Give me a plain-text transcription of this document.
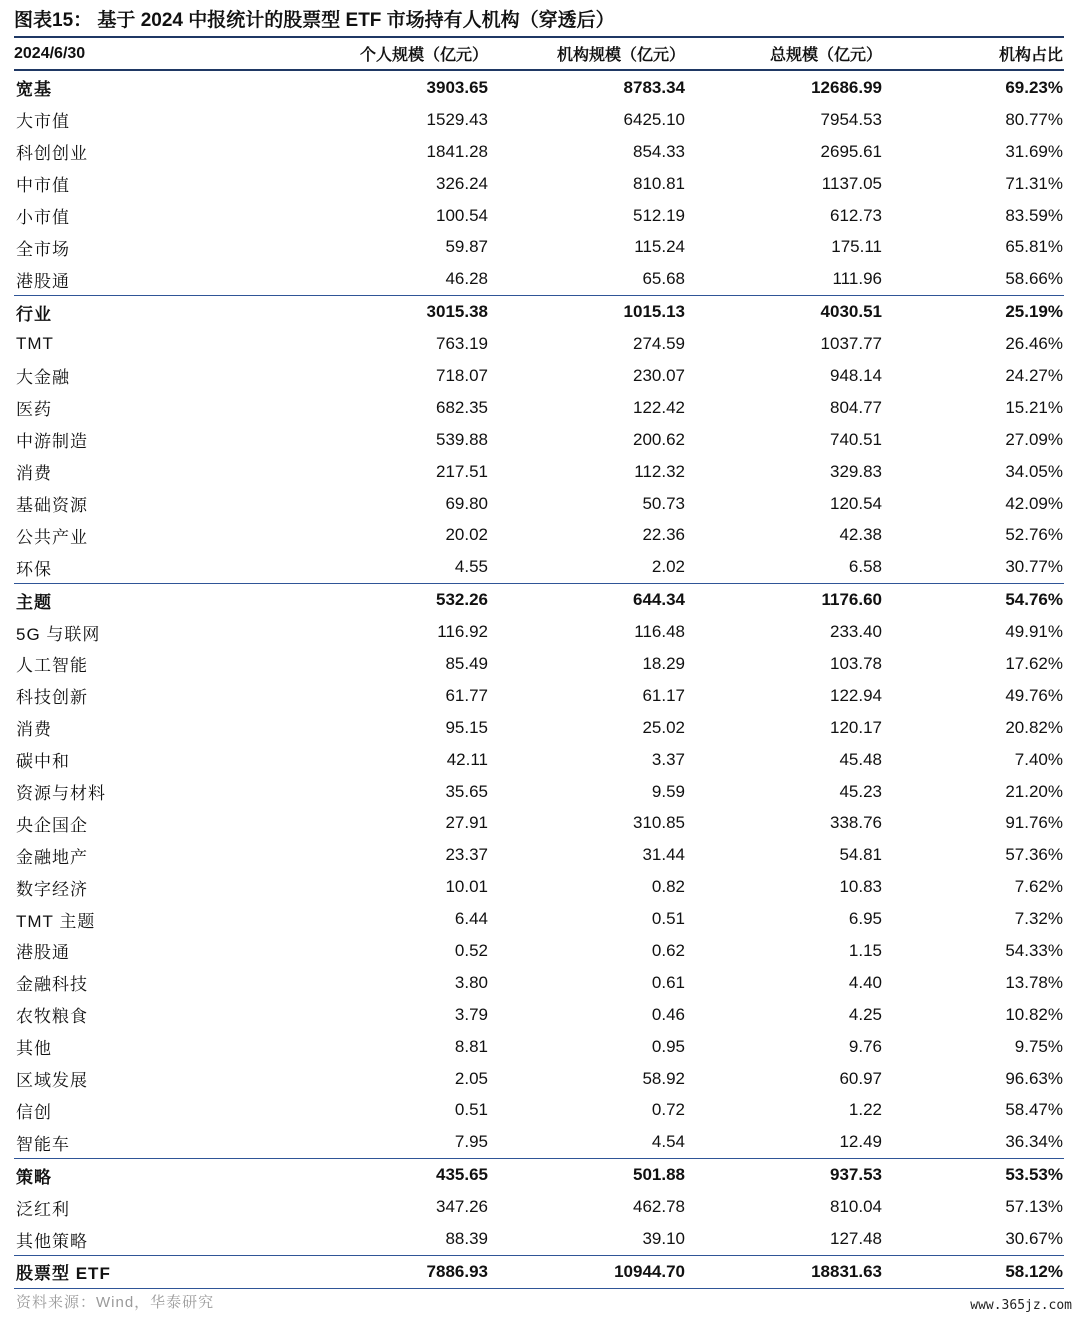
图表15： 基于 2024 中报统计的股票型 ETF 市场持有人机构（穿透后）
2024/6/30	个人规模（亿元）	机构规模（亿元）	总规模（亿元）	机构占比
宽基	3903.65	8783.34	12686.99	69.23%
大市值	1529.43	6425.10	7954.53	80.77%
科创创业	1841.28	854.33	2695.61	31.69%
中市值	326.24	810.81	1137.05	71.31%
小市值	100.54	512.19	612.73	83.59%
全市场	59.87	115.24	175.11	65.81%
港股通	46.28	65.68	111.96	58.66%
行业	3015.38	1015.13	4030.51	25.19%
TMT	763.19	274.59	1037.77	26.46%
大金融	718.07	230.07	948.14	24.27%
医药	682.35	122.42	804.77	15.21%
中游制造	539.88	200.62	740.51	27.09%
消费	217.51	112.32	329.83	34.05%
基础资源	69.80	50.73	120.54	42.09%
公共产业	20.02	22.36	42.38	52.76%
环保	4.55	2.02	6.58	30.77%
主题	532.26	644.34	1176.60	54.76%
5G 与联网	116.92	116.48	233.40	49.91%
人工智能	85.49	18.29	103.78	17.62%
科技创新	61.77	61.17	122.94	49.76%
消费	95.15	25.02	120.17	20.82%
碳中和	42.11	3.37	45.48	7.40%
资源与材料	35.65	9.59	45.23	21.20%
央企国企	27.91	310.85	338.76	91.76%
金融地产	23.37	31.44	54.81	57.36%
数字经济	10.01	0.82	10.83	7.62%
TMT 主题	6.44	0.51	6.95	7.32%
港股通	0.52	0.62	1.15	54.33%
金融科技	3.80	0.61	4.40	13.78%
农牧粮食	3.79	0.46	4.25	10.82%
其他	8.81	0.95	9.76	9.75%
区域发展	2.05	58.92	60.97	96.63%
信创	0.51	0.72	1.22	58.47%
智能车	7.95	4.54	12.49	36.34%
策略	435.65	501.88	937.53	53.53%
泛红利	347.26	462.78	810.04	57.13%
其他策略	88.39	39.10	127.48	30.67%
股票型 ETF	7886.93	10944.70	18831.63	58.12%
资料来源：Wind，华泰研究	www.365jz.com
